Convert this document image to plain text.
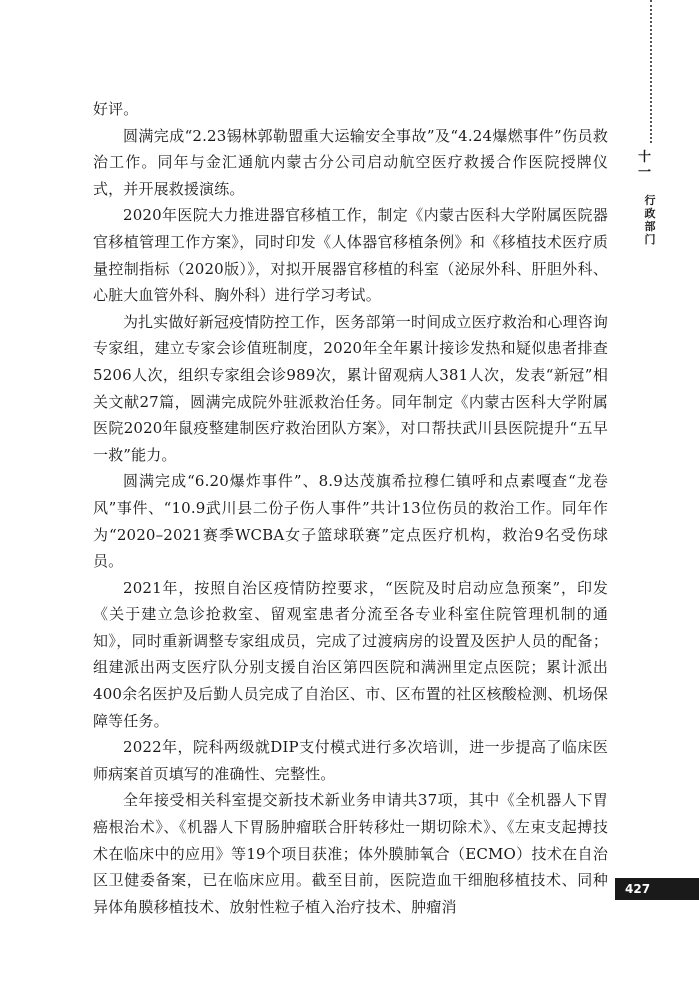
十一
行
政
部
门

好评。

圆满完成“2.23锡林郭勒盟重大运输安全事故”及“4.24爆燃事件”伤员救治工作。同年与金汇通航内蒙古分公司启动航空医疗救援合作医院授牌仪式，并开展救援演练。

2020年医院大力推进器官移植工作，制定《内蒙古医科大学附属医院器官移植管理工作方案》，同时印发《人体器官移植条例》和《移植技术医疗质量控制指标（2020版）》，对拟开展器官移植的科室（泌尿外科、肝胆外科、心脏大血管外科、胸外科）进行学习考试。

为扎实做好新冠疫情防控工作，医务部第一时间成立医疗救治和心理咨询专家组，建立专家会诊值班制度，2020年全年累计接诊发热和疑似患者排查5206人次，组织专家组会诊989次，累计留观病人381人次，发表“新冠”相关文献27篇，圆满完成院外驻派救治任务。同年制定《内蒙古医科大学附属医院2020年鼠疫整建制医疗救治团队方案》，对口帮扶武川县医院提升“五早一救”能力。

圆满完成“6.20爆炸事件”、8.9达茂旗希拉穆仁镇呼和点素嘎查“龙卷风”事件、“10.9武川县二份子伤人事件”共计13位伤员的救治工作。同年作为“2020–2021赛季WCBA女子篮球联赛”定点医疗机构，救治9名受伤球员。

2021年，按照自治区疫情防控要求，“医院及时启动应急预案”，印发《关于建立急诊抢救室、留观室患者分流至各专业科室住院管理机制的通知》，同时重新调整专家组成员，完成了过渡病房的设置及医护人员的配备；组建派出两支医疗队分别支援自治区第四医院和满洲里定点医院；累计派出400余名医护及后勤人员完成了自治区、市、区布置的社区核酸检测、机场保障等任务。

2022年，院科两级就DIP支付模式进行多次培训，进一步提高了临床医师病案首页填写的准确性、完整性。

全年接受相关科室提交新技术新业务申请共37项，其中《全机器人下胃癌根治术》、《机器人下胃肠肿瘤联合肝转移灶一期切除术》、《左束支起搏技术在临床中的应用》等19个项目获准；体外膜肺氧合（ECMO）技术在自治区卫健委备案，已在临床应用。截至目前，医院造血干细胞移植技术、同种异体角膜移植技术、放射性粒子植入治疗技术、肿瘤消

427
